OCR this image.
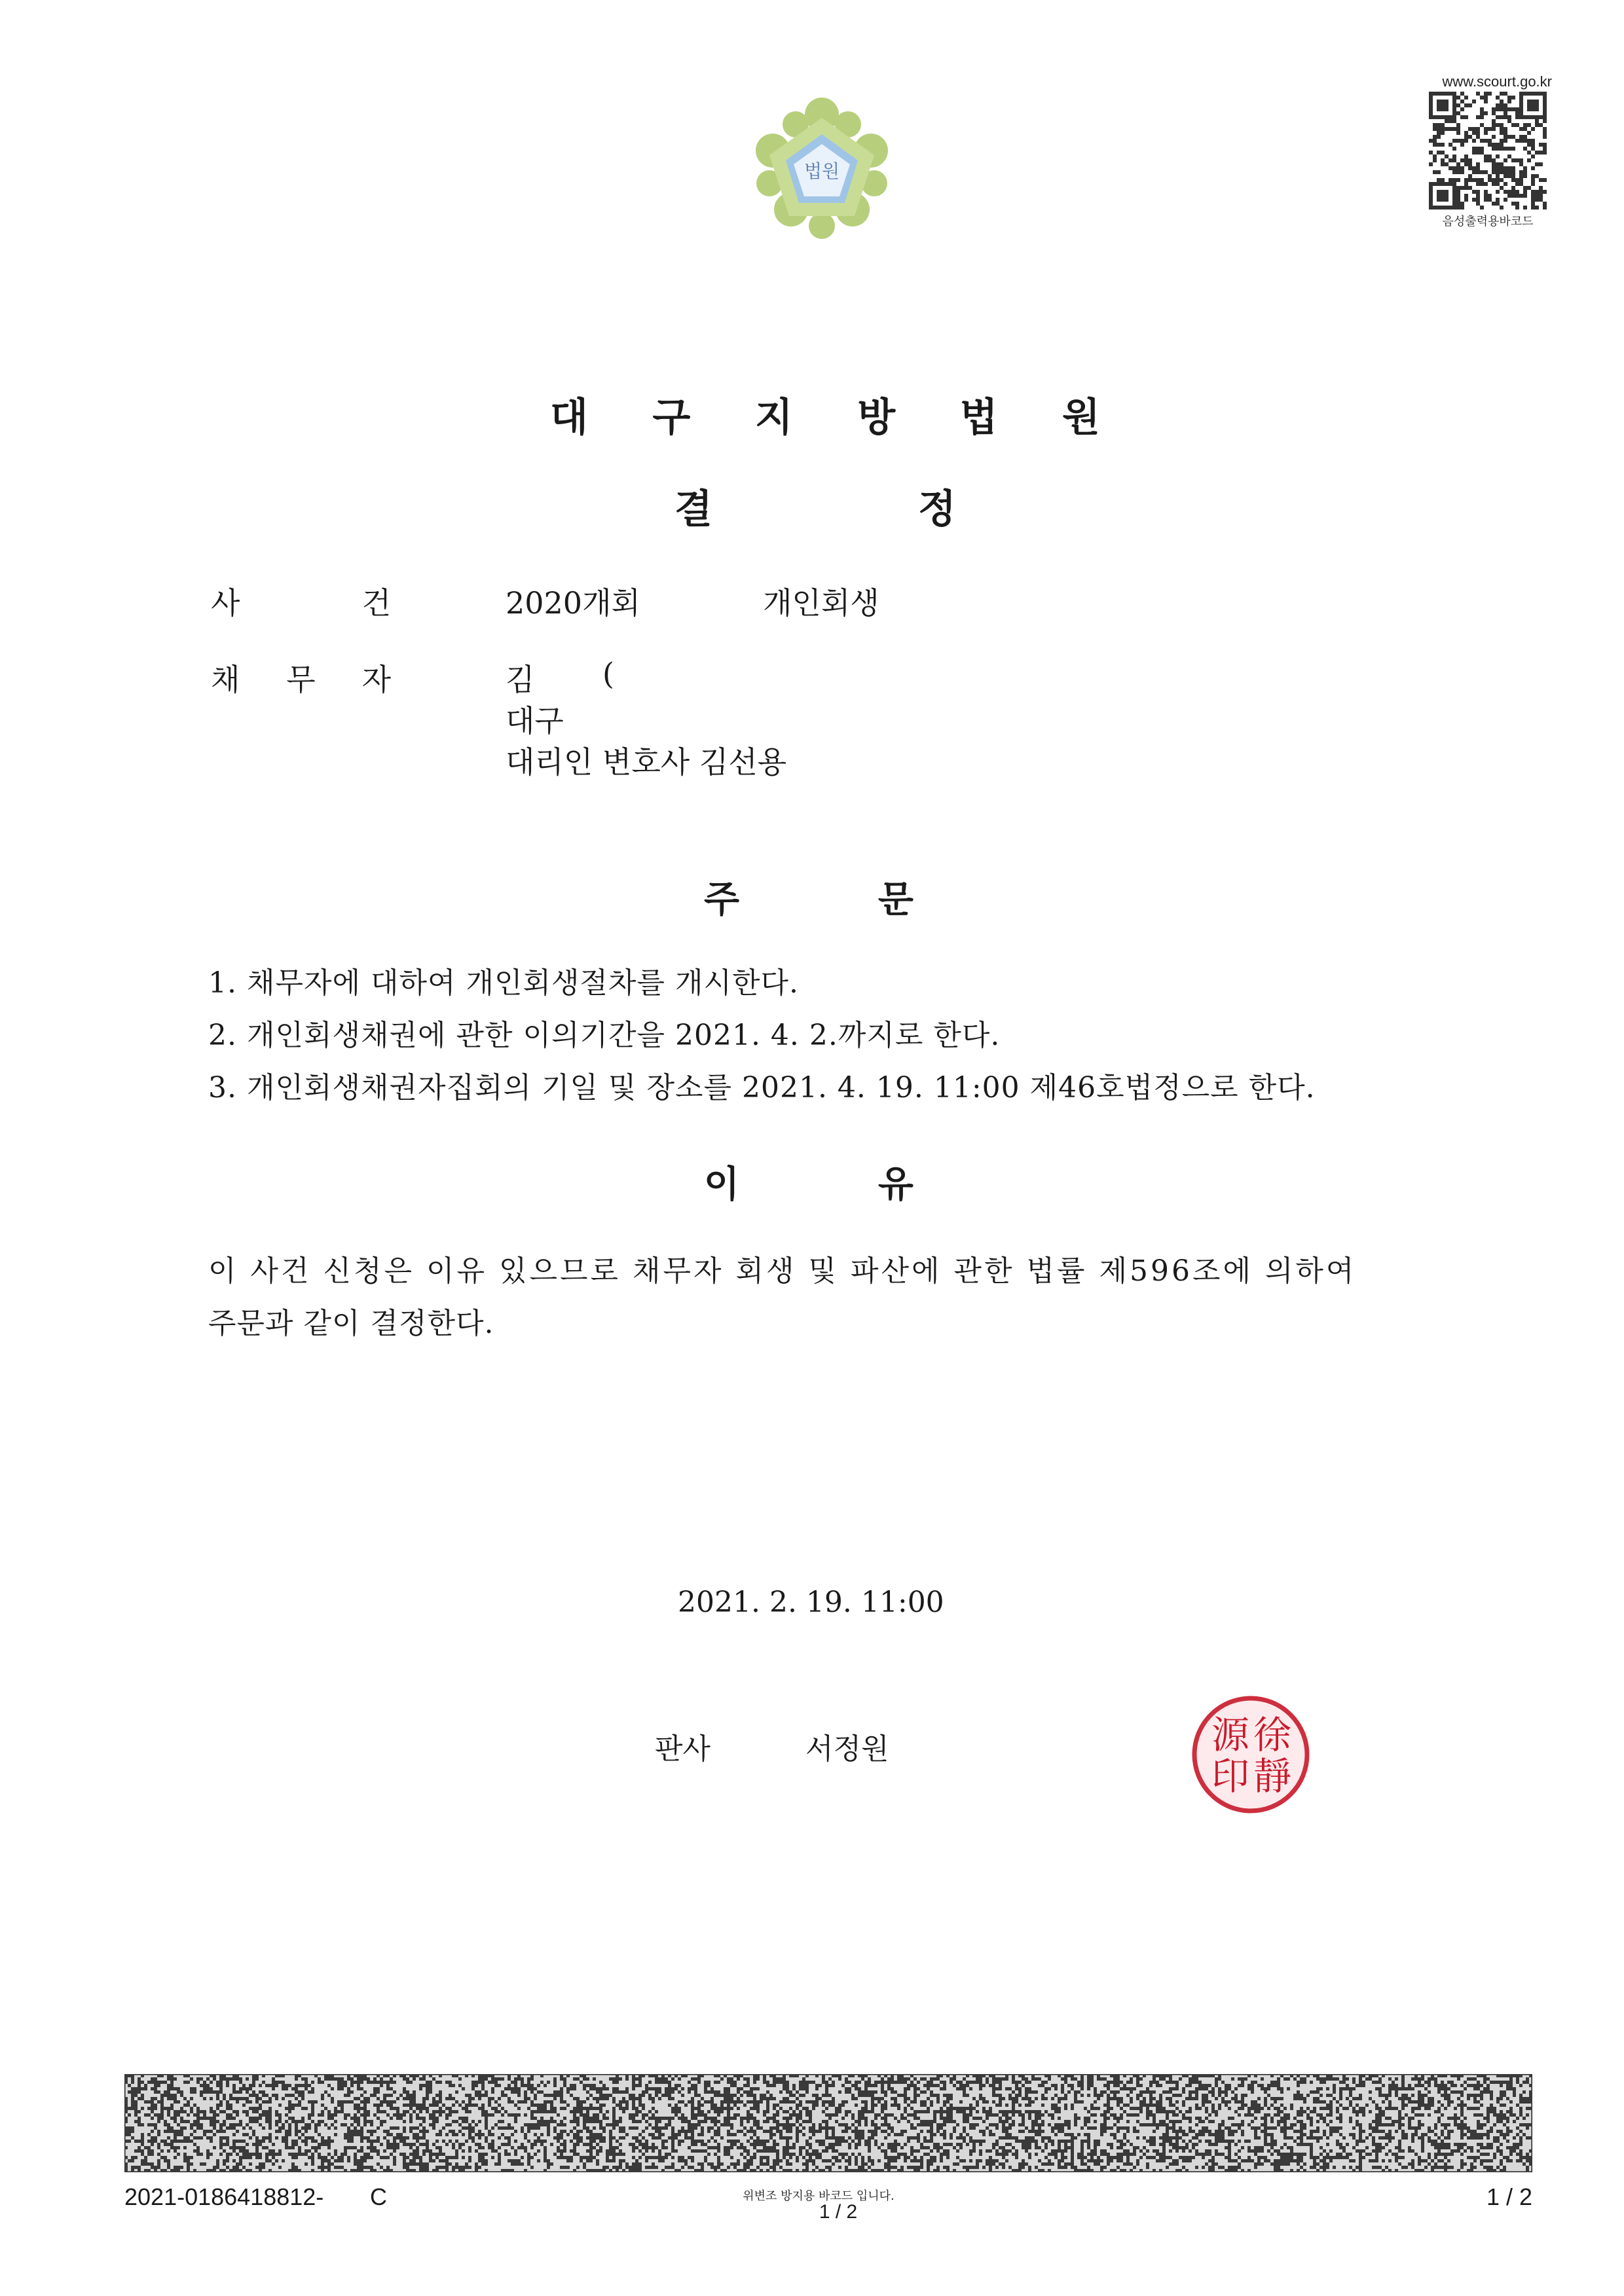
법원
www.scourt.go.kr
음성출력용바코드
대 구 지 방 법 원
결	정
사	건	2020개회	개인회생
채 무 자	김 (
대구
대리인 변호사 김선용
주	문
1. 채무자에 대하여 개인회생절차를 개시한다.
2. 개인회생채권에 관한 이의기간을 2021. 4. 2.까지로 한다.
3. 개인회생채권자집회의 기일 및 장소를 2021. 4. 19. 11:00 제46호법정으로 한다.
이	유
이 사건 신청은 이유 있으므로 채무자 회생 및 파산에 관한 법률 제596조에 의하여
주문과 같이 결정한다.
2021. 2. 19. 11:00
판사	서정원	徐
靜
源
印
2021-0186418812- C	위변조 방지용 바코드 입니다.
1 / 2
1 / 2
